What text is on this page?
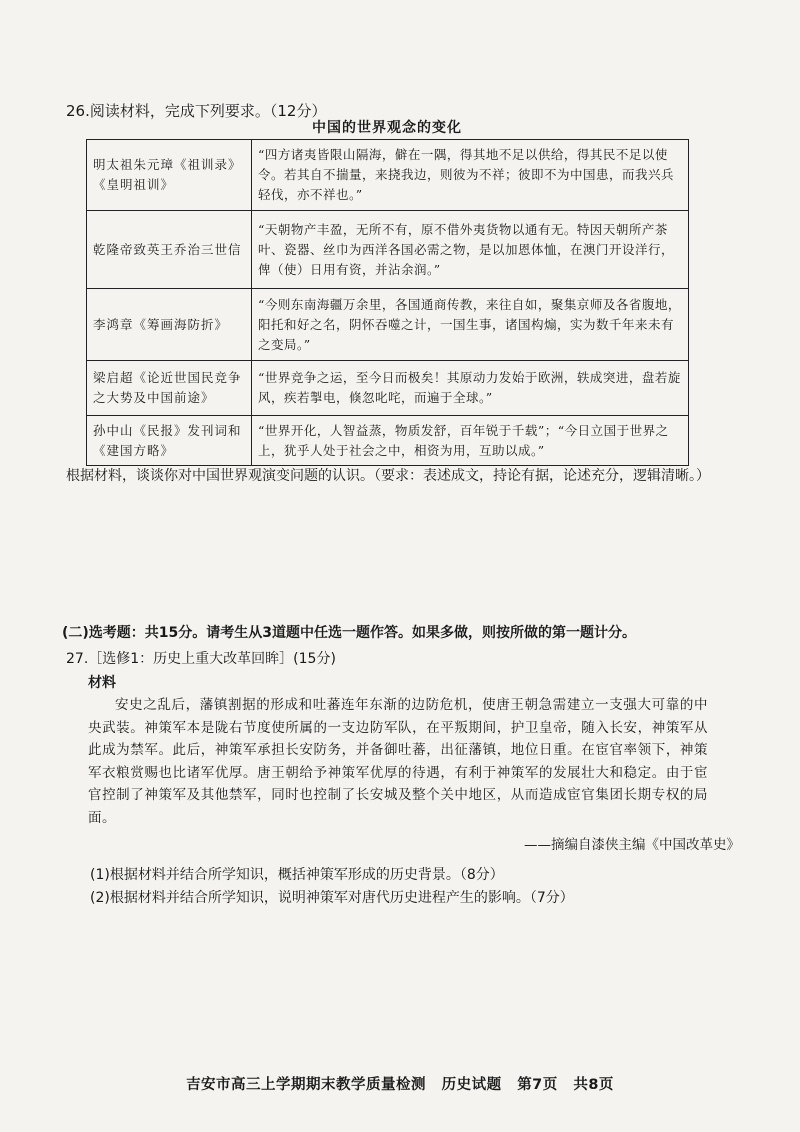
26.阅读材料，完成下列要求。（12分）
中国的世界观念的变化
明太祖朱元璋《祖训录》《皇明祖训》	“四方诸夷皆限山隔海，僻在一隅，得其地不足以供给，得其民不足以使令。若其自不揣量，来挠我边，则彼为不祥；彼即不为中国患，而我兴兵轻伐，亦不祥也。”
乾隆帝致英王乔治三世信	“天朝物产丰盈，无所不有，原不借外夷货物以通有无。特因天朝所产茶叶、瓷器、丝巾为西洋各国必需之物，是以加恩体恤，在澳门开设洋行，俾（使）日用有资，并沾余润。”
李鸿章《筹画海防折》	“今则东南海疆万余里，各国通商传教，来往自如，聚集京师及各省腹地，阳托和好之名，阴怀吞噬之计，一国生事，诸国构煽，实为数千年来未有之变局。”
梁启超《论近世国民竞争之大势及中国前途》	“世界竞争之运，至今日而极矣！其原动力发始于欧洲，轶成突进，盘若旋风，疾若掣电，倏忽叱咤，而遍于全球。”
孙中山《民报》发刊词和《建国方略》	“世界开化，人智益蒸，物质发舒，百年锐于千载”；“今日立国于世界之上，犹乎人处于社会之中，相资为用，互助以成。”
根据材料，谈谈你对中国世界观演变问题的认识。（要求：表述成文，持论有据，论述充分，逻辑清晰。）
(二)选考题：共15分。请考生从3道题中任选一题作答。如果多做，则按所做的第一题计分。
27.［选修1：历史上重大改革回眸］(15分)
材料
安史之乱后，藩镇割据的形成和吐蕃连年东渐的边防危机，使唐王朝急需建立一支强大可靠的中央武装。神策军本是陇右节度使所属的一支边防军队，在平叛期间，护卫皇帝，随入长安，神策军从此成为禁军。此后，神策军承担长安防务，并备御吐蕃，出征藩镇，地位日重。在宦官率领下，神策军衣粮赏赐也比诸军优厚。唐王朝给予神策军优厚的待遇，有利于神策军的发展壮大和稳定。由于宦官控制了神策军及其他禁军，同时也控制了长安城及整个关中地区，从而造成宦官集团长期专权的局面。
——摘编自漆侠主编《中国改革史》
(1)根据材料并结合所学知识，概括神策军形成的历史背景。（8分）
(2)根据材料并结合所学知识，说明神策军对唐代历史进程产生的影响。（7分）
吉安市高三上学期期末教学质量检测 历史试题 第7页 共8页
